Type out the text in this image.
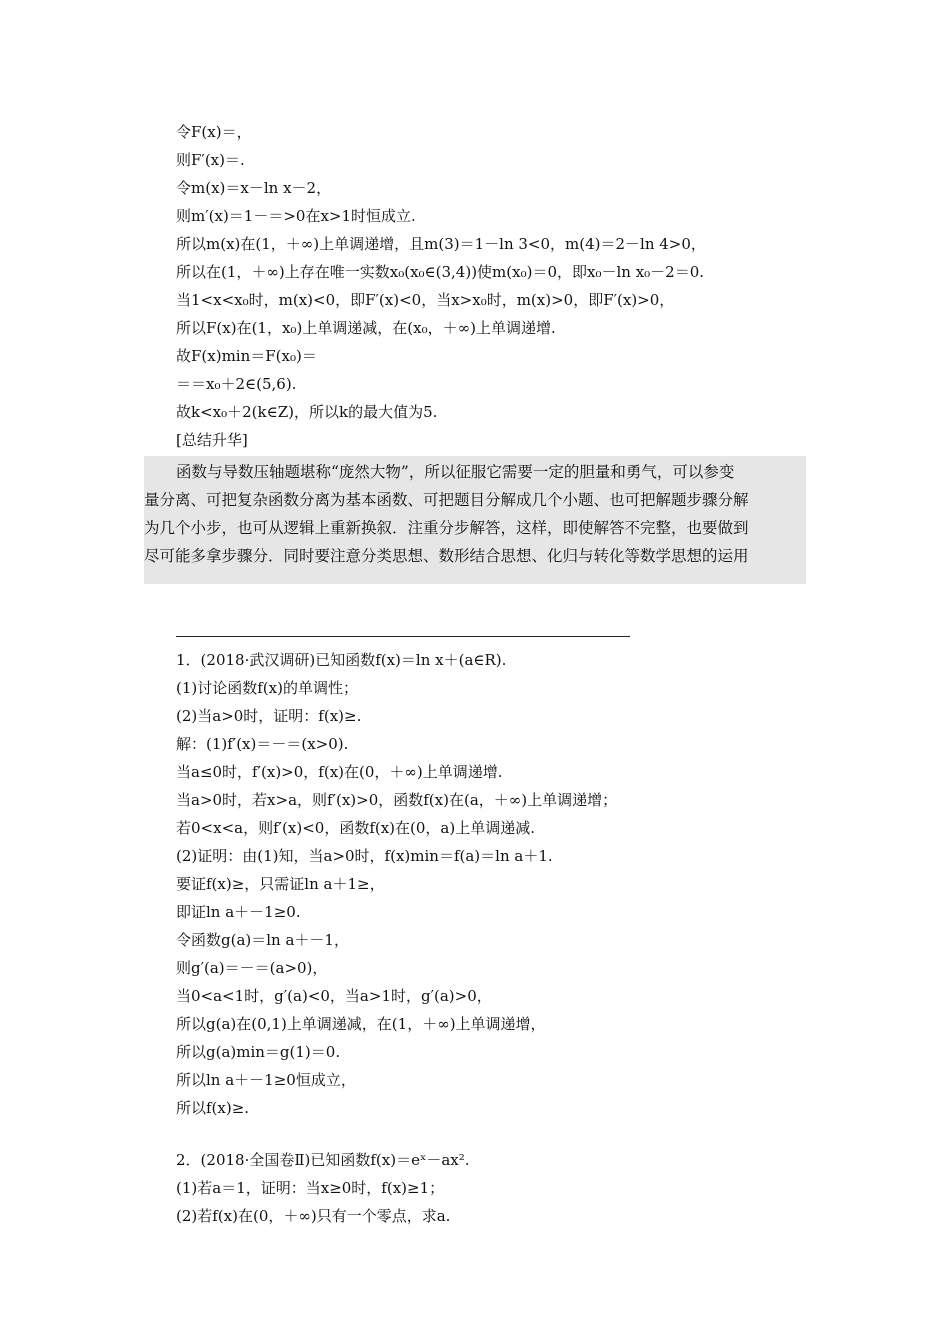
令F(x)＝，
则F′(x)＝.
令m(x)＝x－ln x－2，
则m′(x)＝1－＝>0在x>1时恒成立.
所以m(x)在(1，＋∞)上单调递增，且m(3)＝1－ln 3<0，m(4)＝2－ln 4>0，
所以在(1，＋∞)上存在唯一实数x₀(x₀∈(3,4))使m(x₀)＝0，即x₀－ln x₀－2＝0.
当1<x<x₀时，m(x)<0，即F′(x)<0，当x>x₀时，m(x)>0，即F′(x)>0，
所以F(x)在(1，x₀)上单调递减，在(x₀，＋∞)上单调递增.
故F(x)min＝F(x₀)＝
＝＝x₀＋2∈(5,6).
故k<x₀＋2(k∈Z)，所以k的最大值为5.
[总结升华]
函数与导数压轴题堪称“庞然大物”，所以征服它需要一定的胆量和勇气，可以参变
量分离、可把复杂函数分离为基本函数、可把题目分解成几个小题、也可把解题步骤分解
为几个小步，也可从逻辑上重新换叙．注重分步解答，这样，即使解答不完整，也要做到
尽可能多拿步骤分．同时要注意分类思想、数形结合思想、化归与转化等数学思想的运用
1．(2018·武汉调研)已知函数f(x)＝ln x＋(a∈R).
(1)讨论函数f(x)的单调性；
(2)当a>0时，证明：f(x)≥.
解：(1)f′(x)＝－＝(x>0).
当a≤0时，f′(x)>0，f(x)在(0，＋∞)上单调递增.
当a>0时，若x>a，则f′(x)>0，函数f(x)在(a，＋∞)上单调递增；
若0<x<a，则f′(x)<0，函数f(x)在(0，a)上单调递减.
(2)证明：由(1)知，当a>0时，f(x)min＝f(a)＝ln a＋1.
要证f(x)≥，只需证ln a＋1≥，
即证ln a＋－1≥0.
令函数g(a)＝ln a＋－1，
则g′(a)＝－＝(a>0)，
当0<a<1时，g′(a)<0，当a>1时，g′(a)>0，
所以g(a)在(0,1)上单调递减，在(1，＋∞)上单调递增，
所以g(a)min＝g(1)＝0.
所以ln a＋－1≥0恒成立，
所以f(x)≥.
2．(2018·全国卷Ⅱ)已知函数f(x)＝eˣ－ax².
(1)若a＝1，证明：当x≥0时，f(x)≥1；
(2)若f(x)在(0，＋∞)只有一个零点，求a.
